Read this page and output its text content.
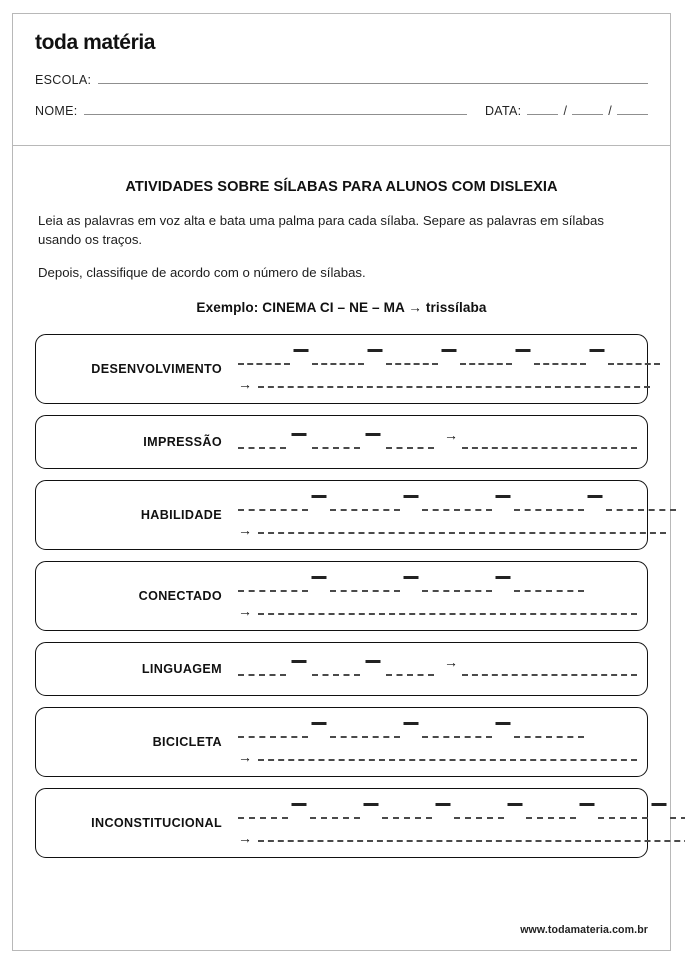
toda matéria
ESCOLA:
NOME:	DATA:	/	/
ATIVIDADES SOBRE SÍLABAS PARA ALUNOS COM DISLEXIA

Leia as palavras em voz alta e bata uma palma para cada sílaba. Separe as palavras em sílabas usando os traços.

Depois, classifique de acordo com o número de sílabas.

Exemplo: CINEMA CI – NE – MA → trissílaba

DESENVOLVIMENTO
→
IMPRESSÃO	→
HABILIDADE
→
CONECTADO
→
LINGUAGEM	→
BICICLETA
→
INCONSTITUCIONAL
→
www.todamateria.com.br
